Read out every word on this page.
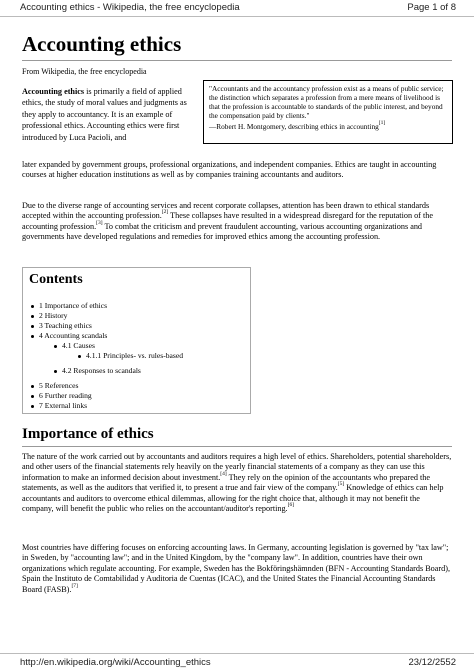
Accounting ethics - Wikipedia, the free encyclopedia	Page 1 of 8
Accounting ethics
From Wikipedia, the free encyclopedia
"Accountants and the accountancy profession exist as a means of public service; the distinction which separates a profession from a mere means of livelihood is that the profession is accountable to standards of the public interest, and beyond the compensation paid by clients."
—Robert H. Montgomery, describing ethics in accounting[1]

Accounting ethics is primarily a field of applied ethics, the study of moral values and judgments as they apply to accountancy. It is an example of professional ethics. Accounting ethics were first introduced by Luca Pacioli, and

later expanded by government groups, professional organizations, and independent companies. Ethics are taught in accounting courses at higher education institutions as well as by companies training accountants and auditors.

Due to the diverse range of accounting services and recent corporate collapses, attention has been drawn to ethical standards accepted within the accounting profession.[2] These collapses have resulted in a widespread disregard for the reputation of the accounting profession.[3] To combat the criticism and prevent fraudulent accounting, various accounting organizations and governments have developed regulations and remedies for improved ethics among the accounting profession.

Contents
1 Importance of ethics
2 History
3 Teaching ethics
4 Accounting scandals
4.1 Causes
4.1.1 Principles- vs. rules-based
4.2 Responses to scandals
5 References
6 Further reading
7 External links
Importance of ethics

The nature of the work carried out by accountants and auditors requires a high level of ethics. Shareholders, potential shareholders, and other users of the financial statements rely heavily on the yearly financial statements of a company as they can use this information to make an informed decision about investment.[4] They rely on the opinion of the accountants who prepared the statements, as well as the auditors that verified it, to present a true and fair view of the company.[5] Knowledge of ethics can help accountants and auditors to overcome ethical dilemmas, allowing for the right choice that, although it may not benefit the company, will benefit the public who relies on the accountant/auditor's reporting.[6]

Most countries have differing focuses on enforcing accounting laws. In Germany, accounting legislation is governed by "tax law"; in Sweden, by "accounting law"; and in the United Kingdom, by the "company law". In addition, countries have their own organizations which regulate accounting. For example, Sweden has the Bokföringshämnden (BFN - Accounting Standards Board), Spain the Instituto de Comtabilidad y Auditoria de Cuentas (ICAC), and the United States the Financial Accounting Standards Board (FASB).[7]

http://en.wikipedia.org/wiki/Accounting_ethics	23/12/2552
